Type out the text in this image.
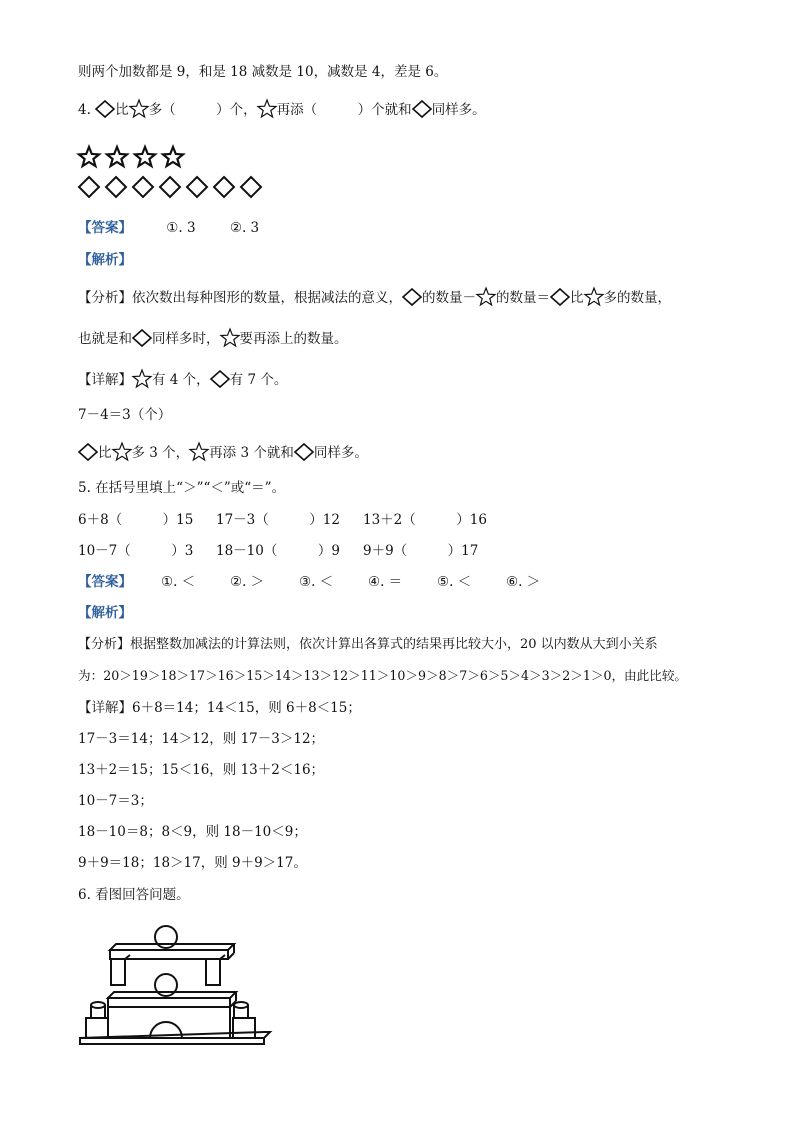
则两个加数都是 9，和是 18 减数是 10，减数是 4，差是 6。
4. 比 多（　　　）个， 再添（　　　）个就和 同样多。
【答案】	①. 3	②. 3
【解析】
【分析】依次数出每种图形的数量，根据减法的意义， 的数量－ 的数量＝ 比 多的数量，
也就是和 同样多时， 要再添上的数量。
【详解】 有 4 个， 有 7 个。
7－4＝3（个）
比 多 3 个， 再添 3 个就和 同样多。
5. 在括号里填上“＞”“＜”或“＝”。
6＋8（　　　）15 17－3（　　　）12 13＋2（　　　）16
10－7（　　　）3 18－10（　　　）9 9＋9（　　　）17
【答案】 ①. ＜	②. ＞	③. ＜	④. ＝	⑤. ＜	⑥. ＞
【解析】
【分析】根据整数加减法的计算法则，依次计算出各算式的结果再比较大小，20 以内数从大到小关系
为：20＞19＞18＞17＞16＞15＞14＞13＞12＞11＞10＞9＞8＞7＞6＞5＞4＞3＞2＞1＞0，由此比较。
【详解】6＋8＝14；14＜15，则 6＋8＜15；
17－3＝14；14＞12，则 17－3＞12；
13＋2＝15；15＜16，则 13＋2＜16；
10－7＝3；
18－10＝8；8＜9，则 18－10＜9；
9＋9＝18；18＞17，则 9＋9＞17。
6. 看图回答问题。
